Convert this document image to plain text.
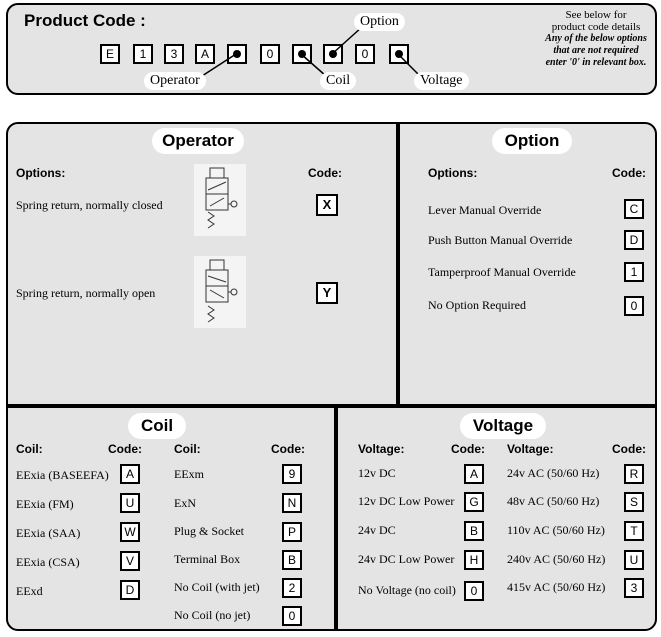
Product Code :
E	1	3	A	0	0
Option
Operator	Coil	Voltage
See below for
product code details
Any of the below options that are not required enter '0' in relevant box.
Operator
Options:	Code:
Spring return, normally closed	X
Spring return, normally open	Y
Option
Options:	Code:
Lever Manual Override	C
Push Button Manual Override	D
Tamperproof Manual Override	1
No Option Required	0
Coil
Coil:	Code:	Coil:	Code:
EExia (BASEEFA)	A
EExia (FM)	U
EExia (SAA)	W
EExia (CSA)	V
EExd	D
EExm	9
ExN	N
Plug & Socket	P
Terminal Box	B
No Coil (with jet)	2
No Coil (no jet)	0
Voltage
Voltage:	Code: Voltage:	Code:
12v DC	A
12v DC Low Power	G
24v DC	B
24v DC Low Power	H
No Voltage (no coil)	0
24v AC (50/60 Hz)	R
48v AC (50/60 Hz)	S
110v AC (50/60 Hz)	T
240v AC (50/60 Hz)	U
415v AC (50/60 Hz)	3
